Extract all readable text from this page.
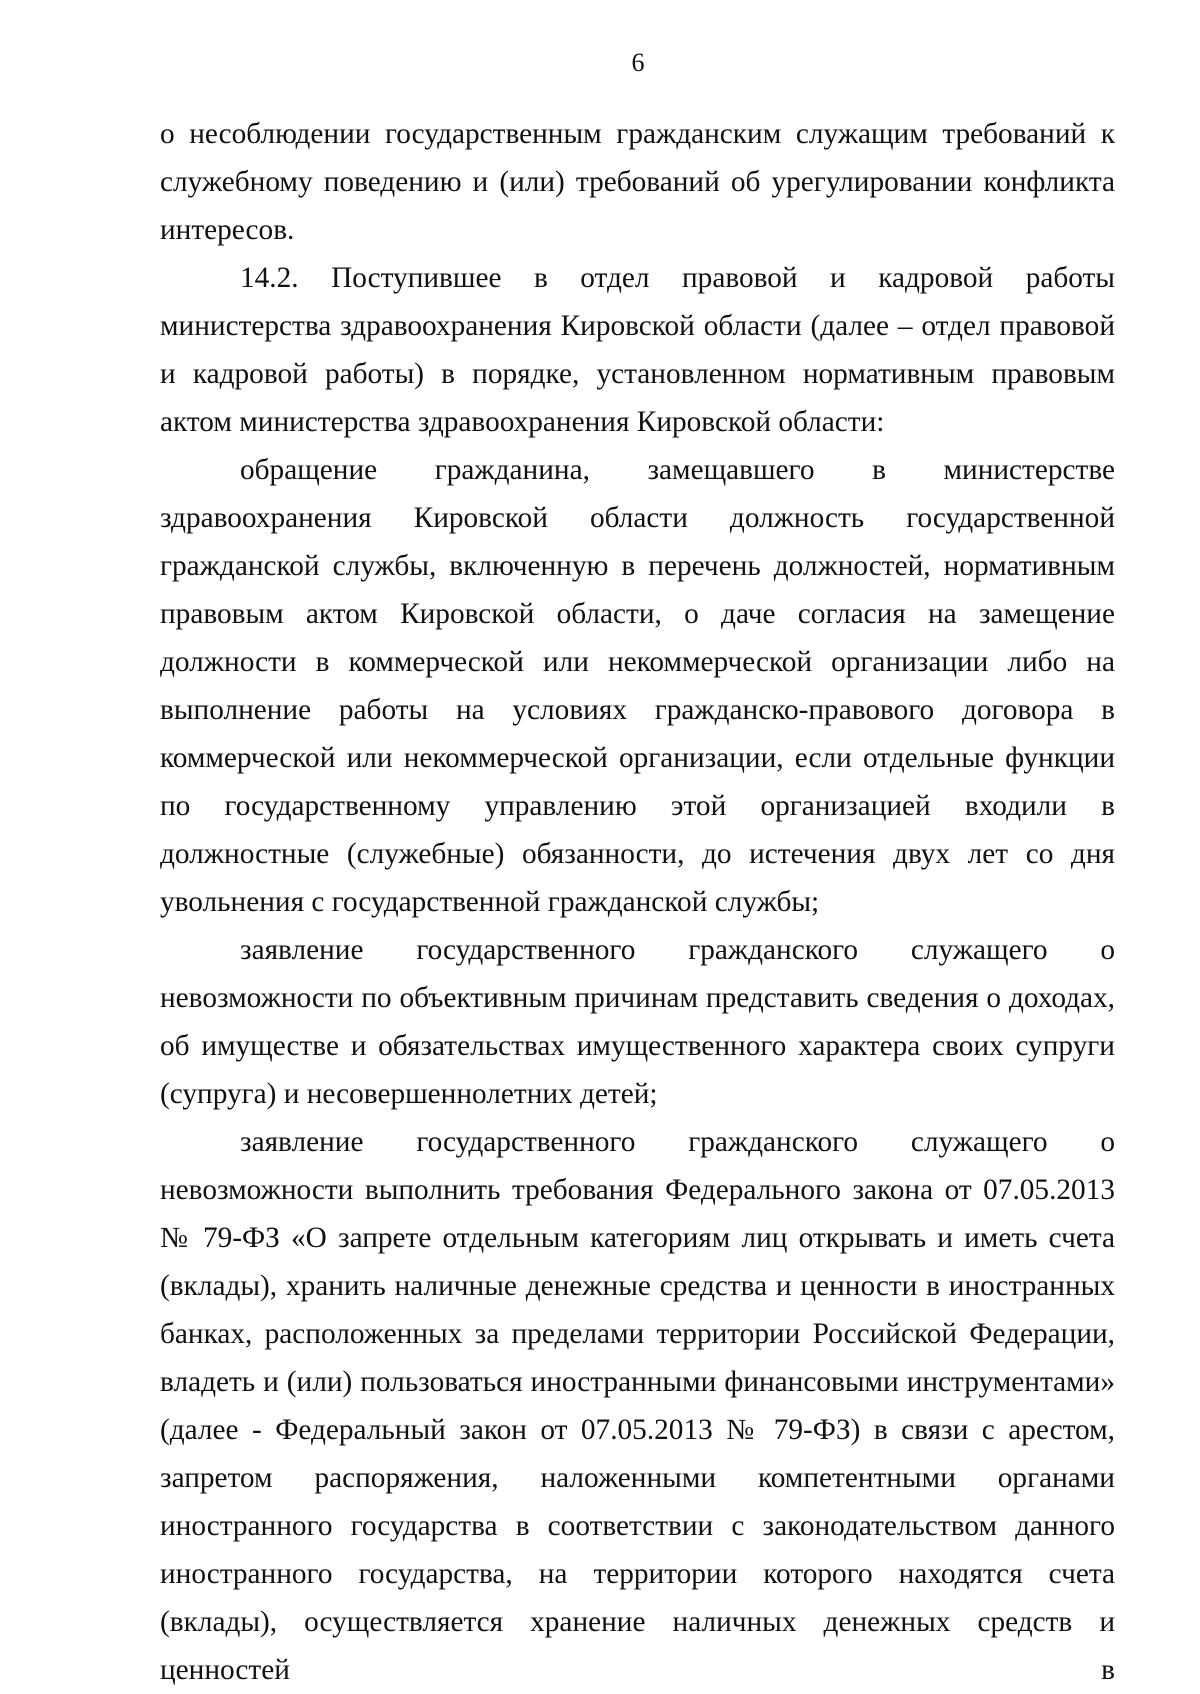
6

о несоблюдении государственным гражданским служащим требований к служебному поведению и (или) требований об урегулировании конфликта интересов.

14.2. Поступившее в отдел правовой и кадровой работы министерства здравоохранения Кировской области (далее – отдел правовой и кадровой работы) в порядке, установленном нормативным правовым актом министерства здравоохранения Кировской области:

обращение гражданина, замещавшего в министерстве здравоохранения Кировской области должность государственной гражданской службы, включенную в перечень должностей, нормативным правовым актом Кировской области, о даче согласия на замещение должности в коммерческой или некоммерческой организации либо на выполнение работы на условиях гражданско-правового договора в коммерческой или некоммерческой организации, если отдельные функции по государственному управлению этой организацией входили в должностные (служебные) обязанности, до истечения двух лет со дня увольнения с государственной гражданской службы;

заявление государственного гражданского служащего о невозможности по объективным причинам представить сведения о доходах, об имуществе и обязательствах имущественного характера своих супруги (супруга) и несовершеннолетних детей;

заявление государственного гражданского служащего о невозможности выполнить требования Федерального закона от 07.05.2013 № 79-ФЗ «О запрете отдельным категориям лиц открывать и иметь счета (вклады), хранить наличные денежные средства и ценности в иностранных банках, расположенных за пределами территории Российской Федерации, владеть и (или) пользоваться иностранными финансовыми инструментами» (далее - Федеральный закон от 07.05.2013 № 79-ФЗ) в связи с арестом, запретом распоряжения, наложенными компетентными органами иностранного государства в соответствии с законодательством данного иностранного государства, на территории которого находятся счета (вклады), осуществляется хранение наличных денежных средств и ценностей в
